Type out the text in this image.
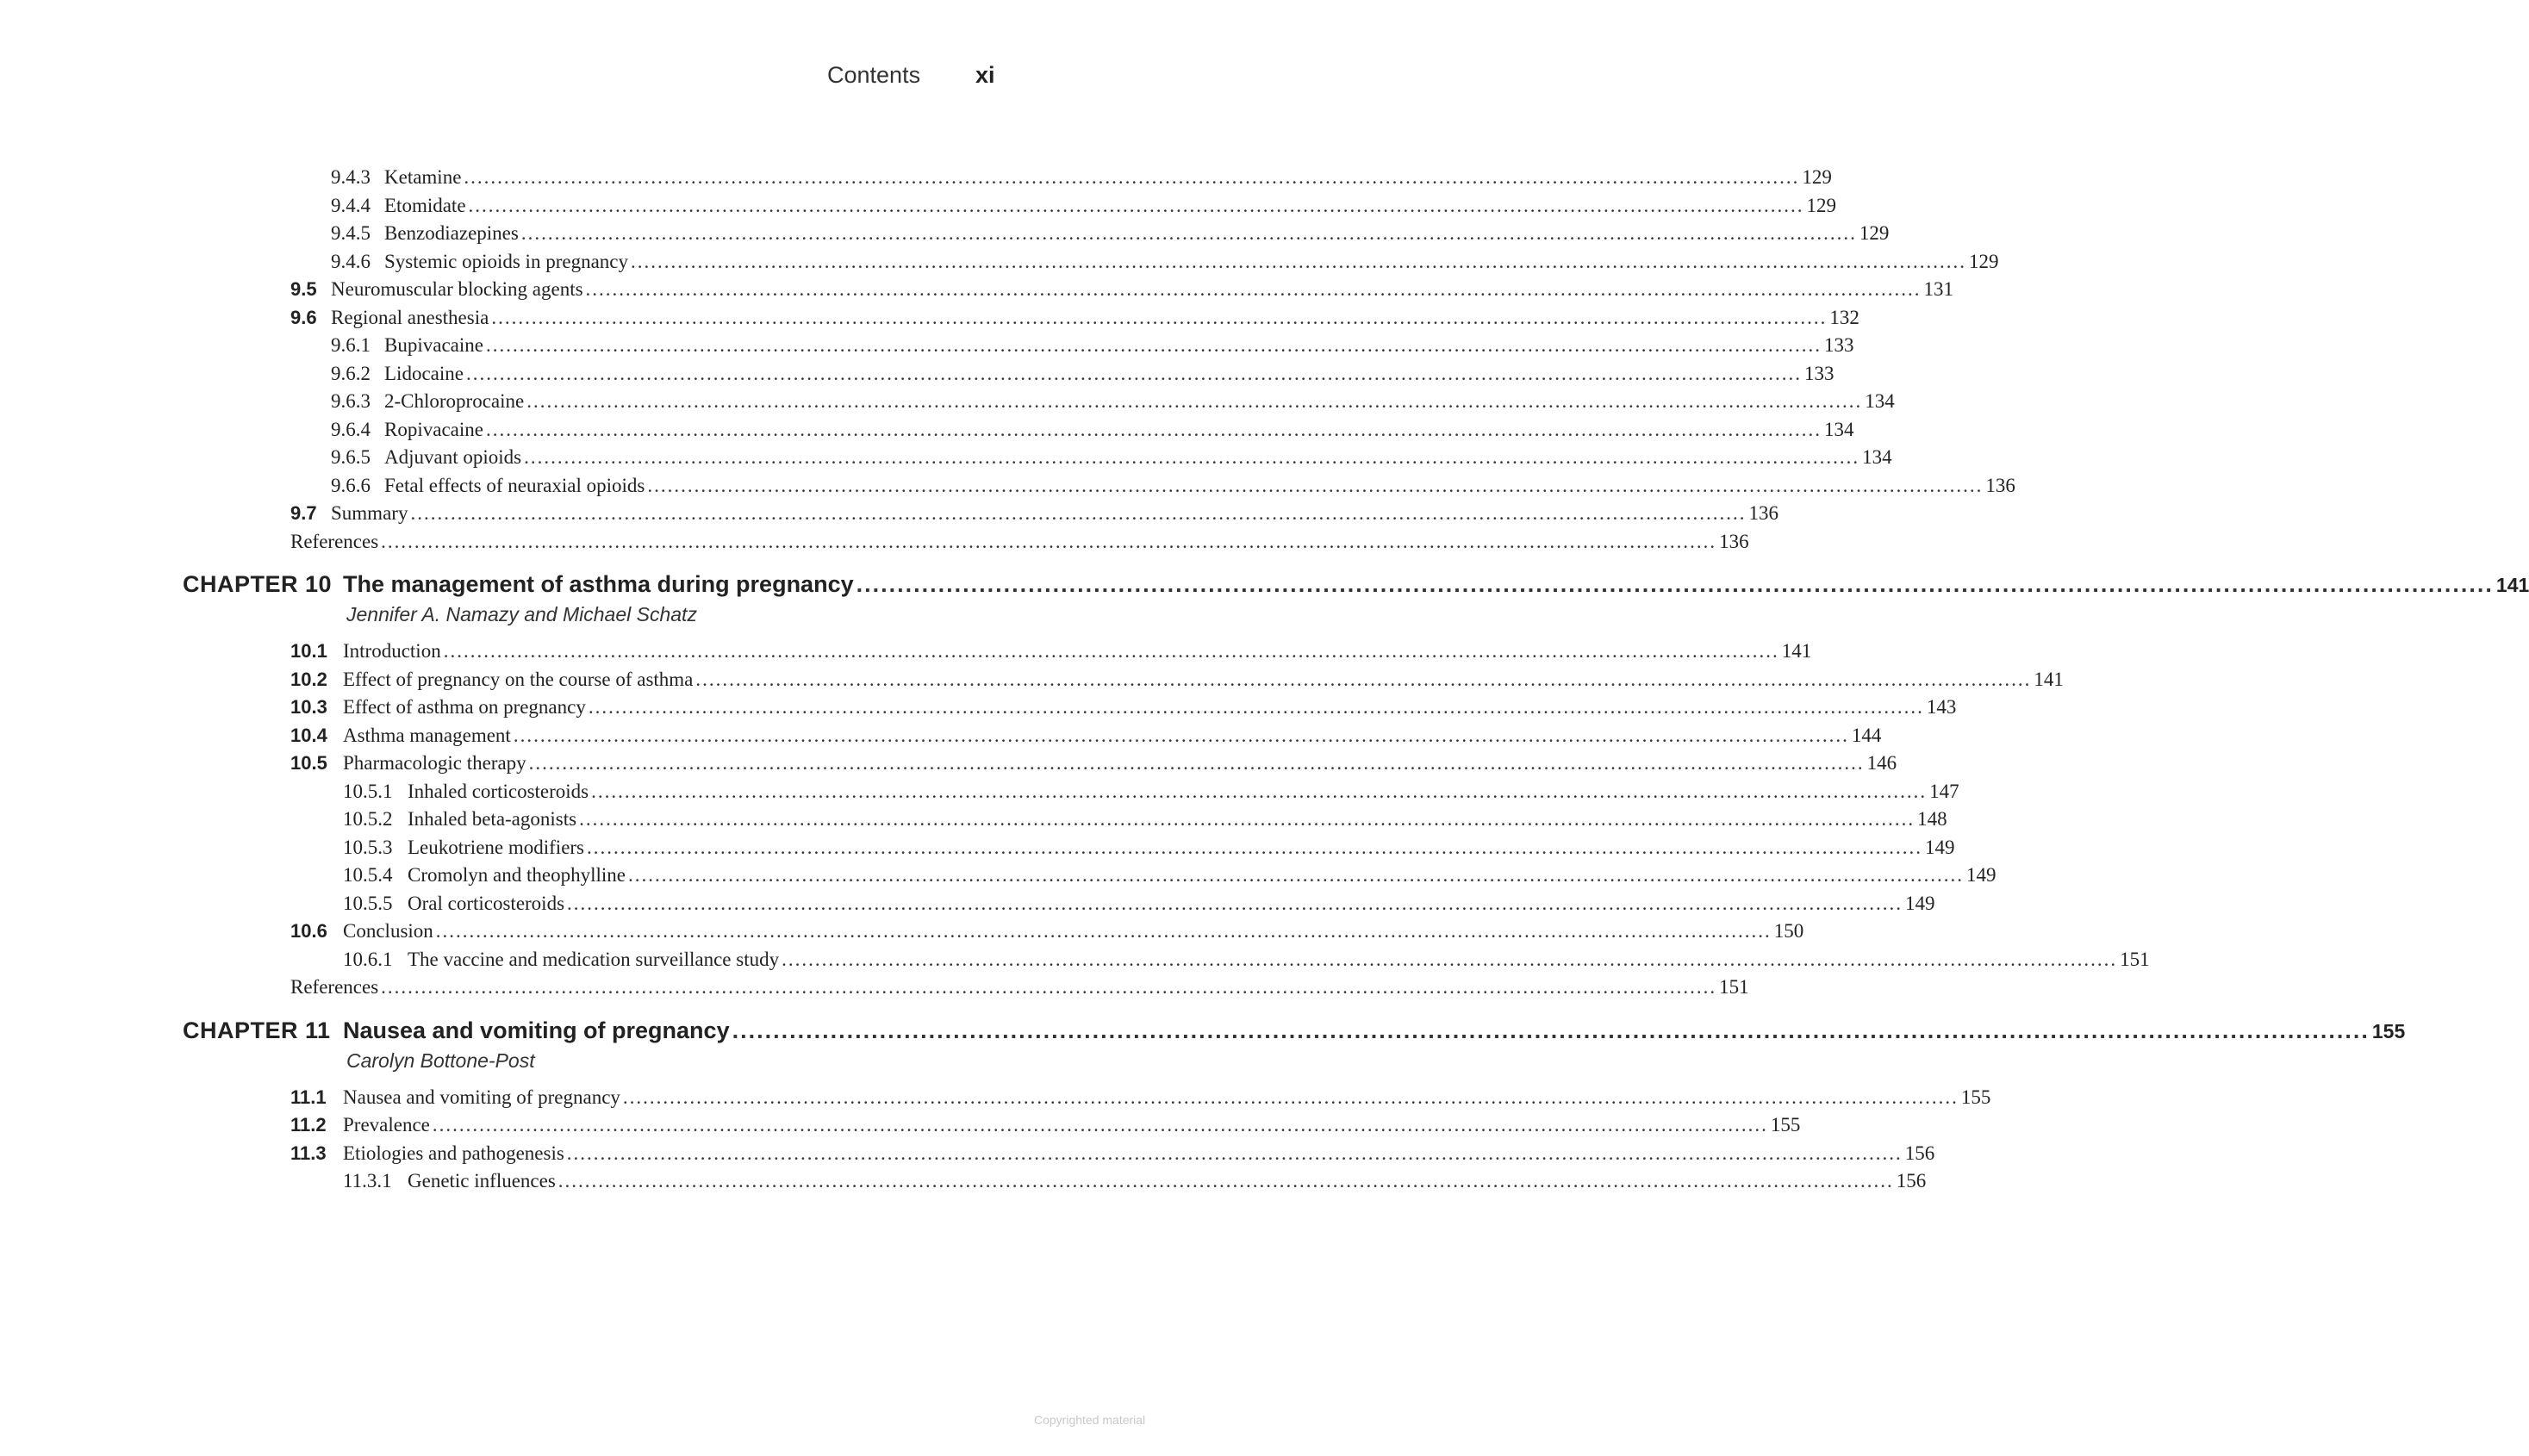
Contents xi
9.4.3 Ketamine ........................................................................................................................................................................................................ 129
9.4.4 Etomidate ........................................................................................................................................................................................................ 129
9.4.5 Benzodiazepines ........................................................................................................................................................................................................ 129
9.4.6 Systemic opioids in pregnancy ........................................................................................................................................................................................................ 129
9.5 Neuromuscular blocking agents ........................................................................................................................................................................................................ 131
9.6 Regional anesthesia ........................................................................................................................................................................................................ 132
9.6.1 Bupivacaine ........................................................................................................................................................................................................ 133
9.6.2 Lidocaine ........................................................................................................................................................................................................ 133
9.6.3 2-Chloroprocaine ........................................................................................................................................................................................................ 134
9.6.4 Ropivacaine ........................................................................................................................................................................................................ 134
9.6.5 Adjuvant opioids ........................................................................................................................................................................................................ 134
9.6.6 Fetal effects of neuraxial opioids ........................................................................................................................................................................................................ 136
9.7 Summary ........................................................................................................................................................................................................ 136
References ........................................................................................................................................................................................................ 136
CHAPTER 10 The management of asthma during pregnancy ........................................................................................................................................................................................................ 141
Jennifer A. Namazy and Michael Schatz
10.1 Introduction ........................................................................................................................................................................................................ 141
10.2 Effect of pregnancy on the course of asthma ........................................................................................................................................................................................................ 141
10.3 Effect of asthma on pregnancy ........................................................................................................................................................................................................ 143
10.4 Asthma management ........................................................................................................................................................................................................ 144
10.5 Pharmacologic therapy ........................................................................................................................................................................................................ 146
10.5.1 Inhaled corticosteroids ........................................................................................................................................................................................................ 147
10.5.2 Inhaled beta-agonists ........................................................................................................................................................................................................ 148
10.5.3 Leukotriene modifiers ........................................................................................................................................................................................................ 149
10.5.4 Cromolyn and theophylline ........................................................................................................................................................................................................ 149
10.5.5 Oral corticosteroids ........................................................................................................................................................................................................ 149
10.6 Conclusion ........................................................................................................................................................................................................ 150
10.6.1 The vaccine and medication surveillance study ........................................................................................................................................................................................................ 151
References ........................................................................................................................................................................................................ 151
CHAPTER 11 Nausea and vomiting of pregnancy ........................................................................................................................................................................................................ 155
Carolyn Bottone-Post
11.1 Nausea and vomiting of pregnancy ........................................................................................................................................................................................................ 155
11.2 Prevalence ........................................................................................................................................................................................................ 155
11.3 Etiologies and pathogenesis ........................................................................................................................................................................................................ 156
11.3.1 Genetic influences ........................................................................................................................................................................................................ 156
Copyrighted material
